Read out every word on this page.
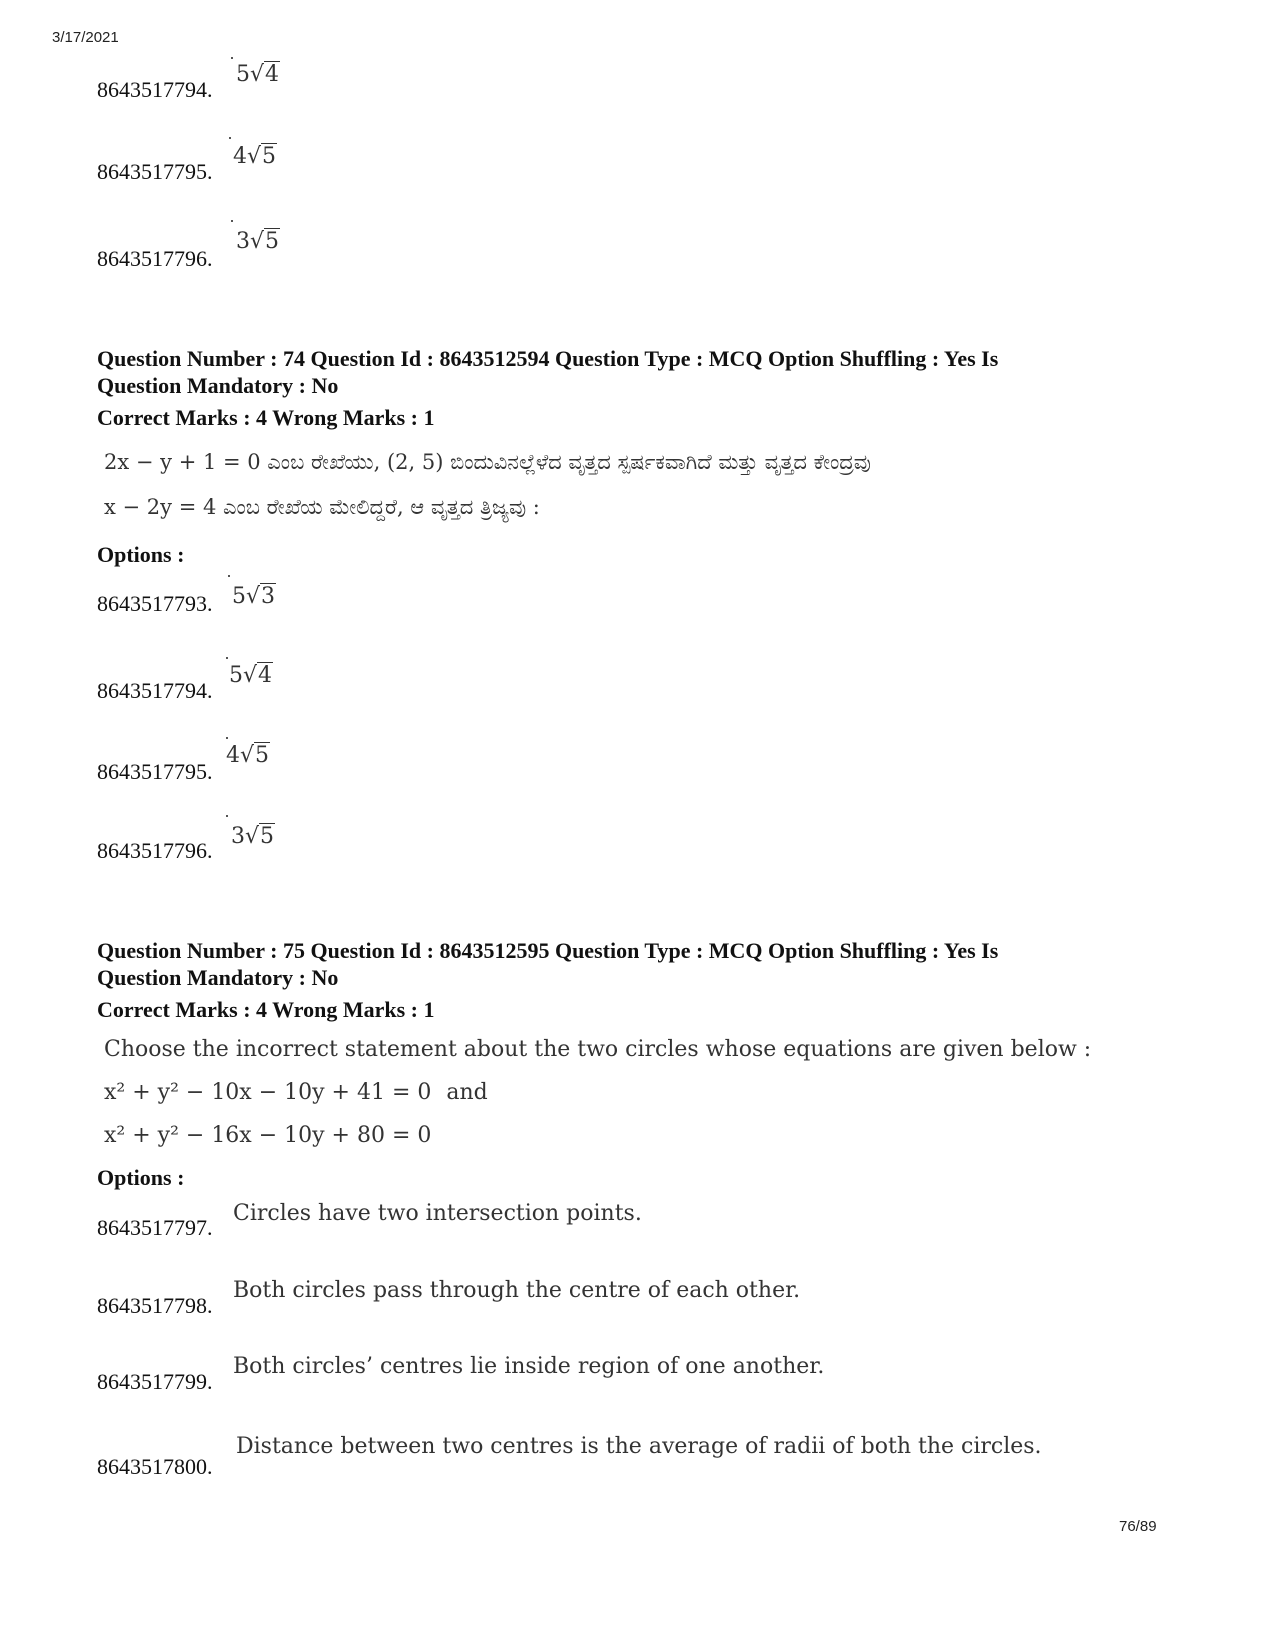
3/17/2021
8643517794.
5√4
8643517795.
4√5
8643517796.
3√5
Question Number : 74 Question Id : 8643512594 Question Type : MCQ Option Shuffling : Yes Is
Question Mandatory : No
Correct Marks : 4 Wrong Marks : 1
2x − y + 1 = 0 ಎಂಬ ರೇಖೆಯು, (2, 5) ಬಿಂದುವಿನಲ್ಲೆಳೆದ ವೃತ್ತದ ಸ್ಪರ್ಷಕವಾಗಿದೆ ಮತ್ತು ವೃತ್ತದ ಕೇಂದ್ರವು
x − 2y = 4 ಎಂಬ ರೇಖೆಯ ಮೇಲಿದ್ದರೆ, ಆ ವೃತ್ತದ ತ್ರಿಜ್ಯವು :
Options :
8643517793. 5√3
8643517794.
5√4
8643517795.
4√5
8643517796.
3√5
Question Number : 75 Question Id : 8643512595 Question Type : MCQ Option Shuffling : Yes Is
Question Mandatory : No
Correct Marks : 4 Wrong Marks : 1
Choose the incorrect statement about the two circles whose equations are given below :
x² + y² − 10x − 10y + 41 = 0 and
x² + y² − 16x − 10y + 80 = 0
Options :
8643517797.
Circles have two intersection points.
8643517798.
Both circles pass through the centre of each other.
8643517799.
Both circles’ centres lie inside region of one another.
8643517800.
Distance between two centres is the average of radii of both the circles.
76/89
